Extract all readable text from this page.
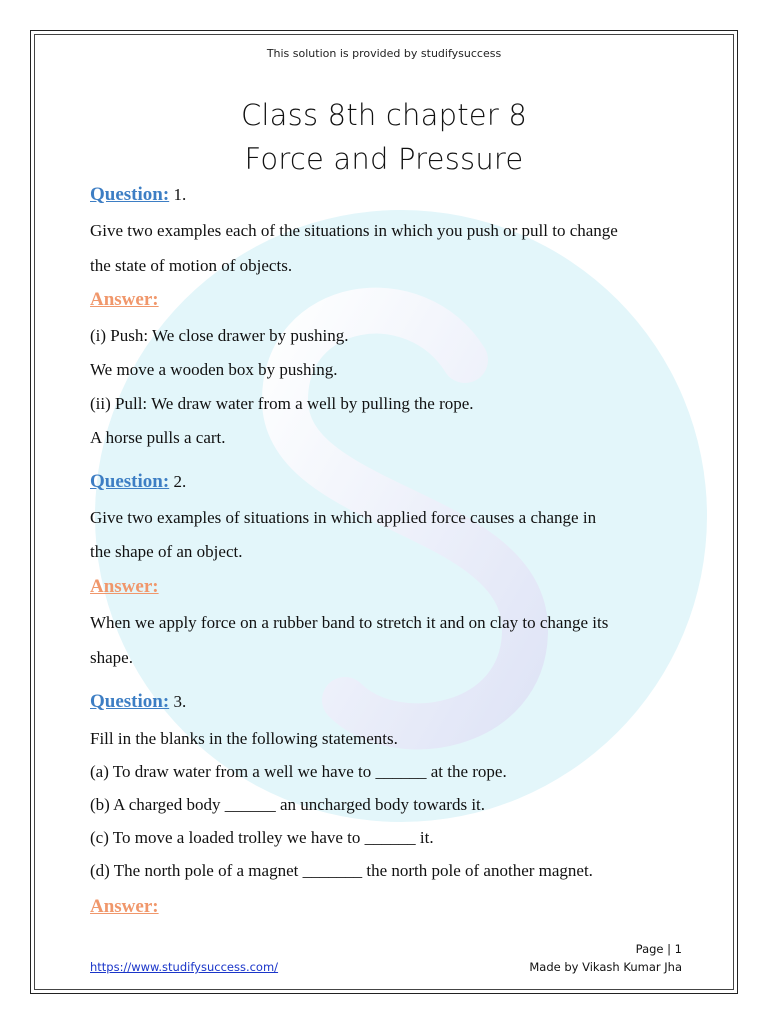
This solution is provided by studifysuccess
Class 8th chapter 8
Force and Pressure
Question: 1.
Give two examples each of the situations in which you push or pull to change
the state of motion of objects.
Answer:
(i) Push: We close drawer by pushing.
We move a wooden box by pushing.
(ii) Pull: We draw water from a well by pulling the rope.
A horse pulls a cart.
Question: 2.
Give two examples of situations in which applied force causes a change in
the shape of an object.
Answer:
When we apply force on a rubber band to stretch it and on clay to change its
shape.
Question: 3.
Fill in the blanks in the following statements.
(a) To draw water from a well we have to ______ at the rope.
(b) A charged body ______ an uncharged body towards it.
(c) To move a loaded trolley we have to ______ it.
(d) The north pole of a magnet _______ the north pole of another magnet.
Answer:
Page | 1
https://www.studifysuccess.com/	Made by Vikash Kumar Jha
